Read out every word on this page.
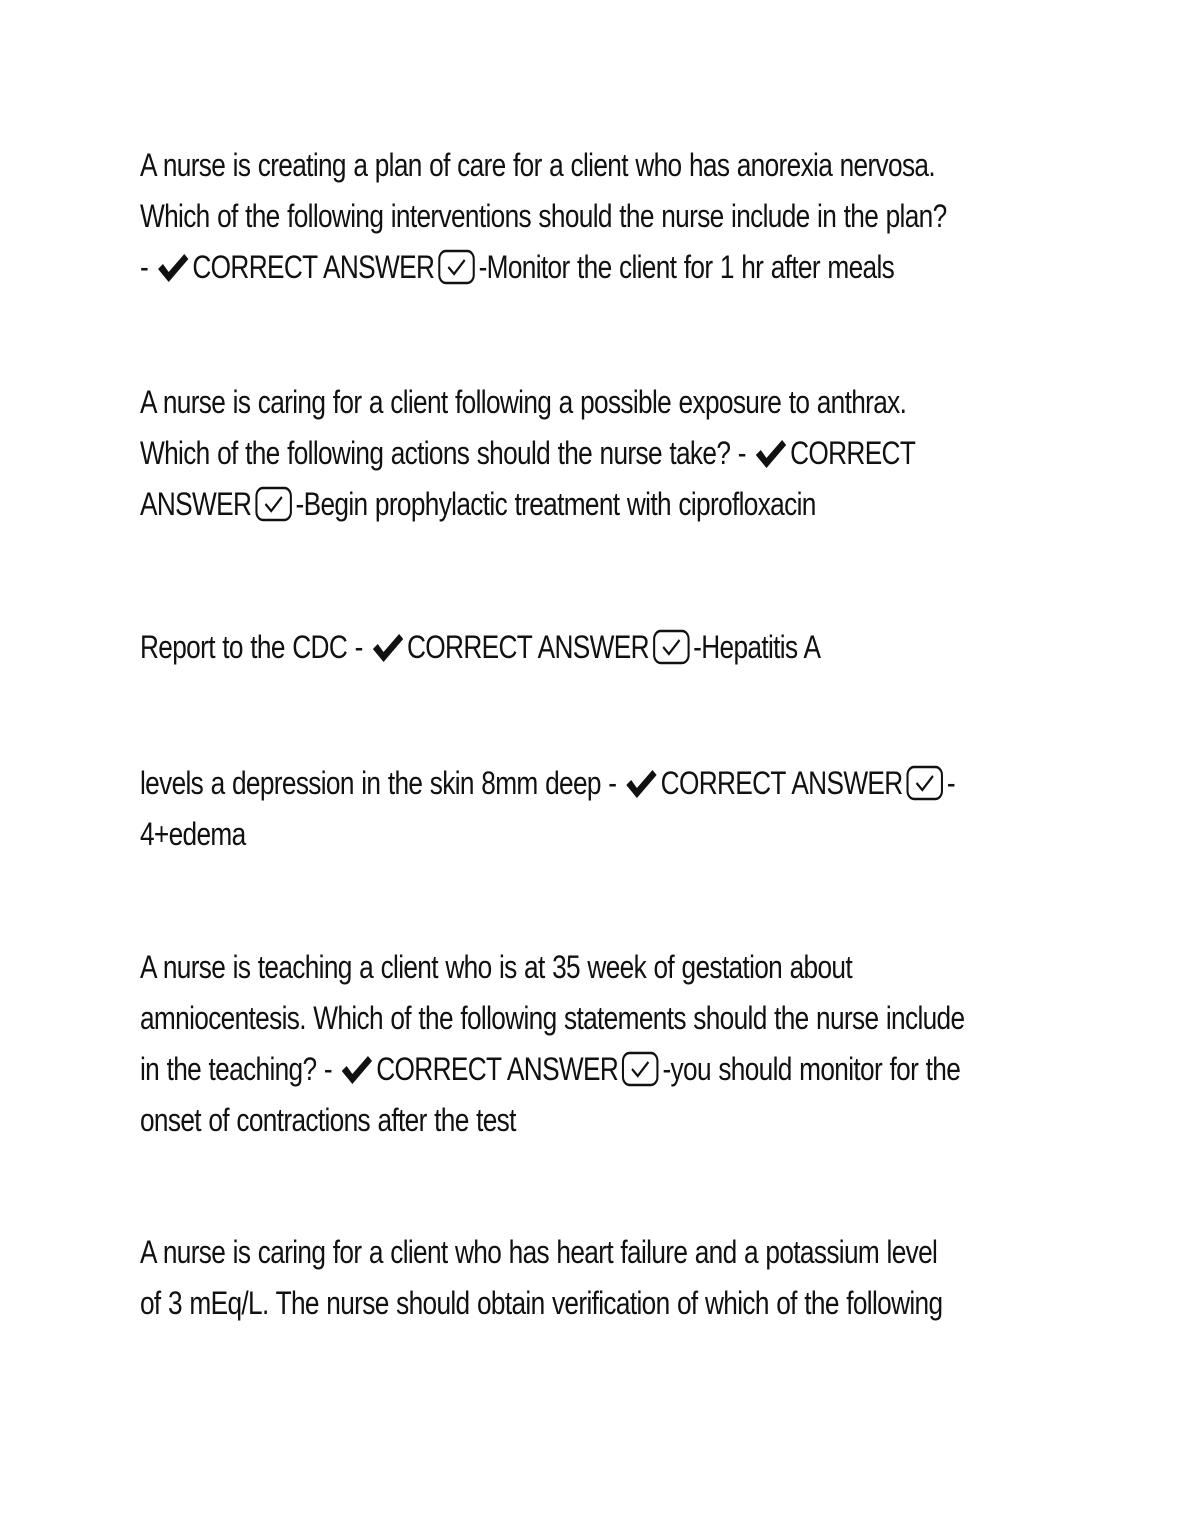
A nurse is creating a plan of care for a client who has anorexia nervosa.
Which of the following interventions should the nurse include in the plan?
- CORRECT ANSWER -Monitor the client for 1 hr after meals
A nurse is caring for a client following a possible exposure to anthrax.
Which of the following actions should the nurse take? - CORRECT
ANSWER -Begin prophylactic treatment with ciprofloxacin
Report to the CDC - CORRECT ANSWER -Hepatitis A
levels a depression in the skin 8mm deep - CORRECT ANSWER -
4+edema
A nurse is teaching a client who is at 35 week of gestation about
amniocentesis. Which of the following statements should the nurse include
in the teaching? - CORRECT ANSWER -you should monitor for the
onset of contractions after the test
A nurse is caring for a client who has heart failure and a potassium level
of 3 mEq/L. The nurse should obtain verification of which of the following
